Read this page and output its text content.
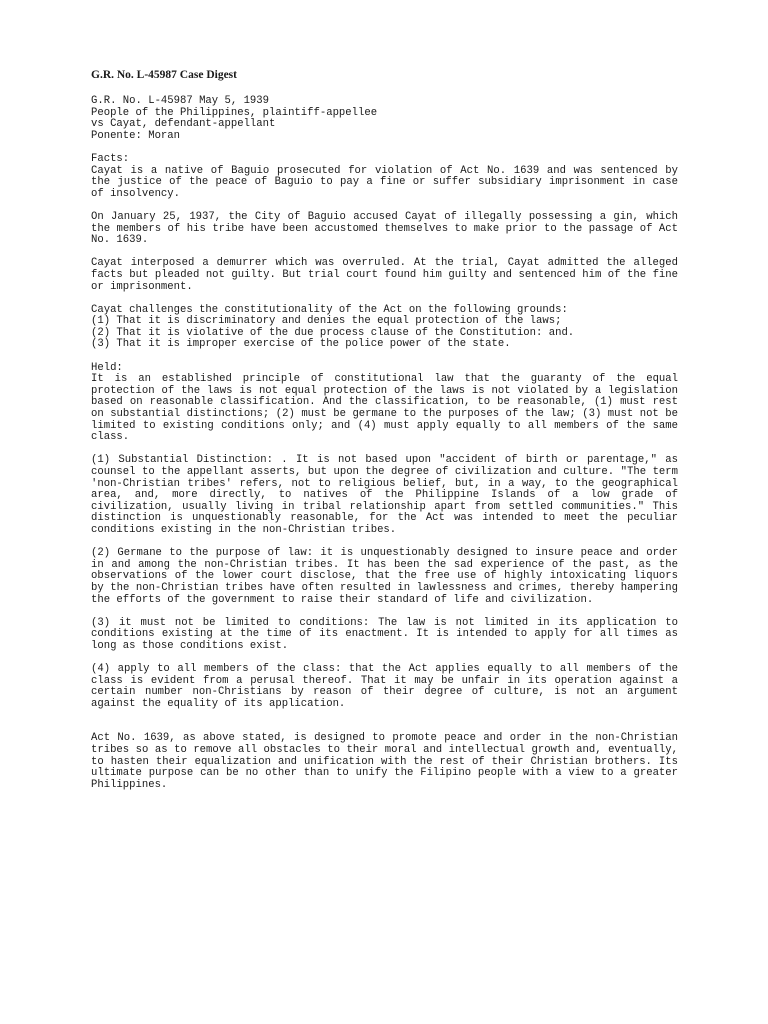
G.R. No. L-45987 Case Digest
G.R. No. L-45987 May 5, 1939
People of the Philippines, plaintiff-appellee
vs Cayat, defendant-appellant
Ponente: Moran
Facts:
Cayat is a native of Baguio prosecuted for violation of Act No. 1639 and was sentenced by the justice of the peace of Baguio to pay a fine or suffer subsidiary imprisonment in case of insolvency.
On January 25, 1937, the City of Baguio accused Cayat of illegally possessing a gin, which the members of his tribe have been accustomed themselves to make prior to the passage of Act No. 1639.
Cayat interposed a demurrer which was overruled. At the trial, Cayat admitted the alleged facts but pleaded not guilty. But trial court found him guilty and sentenced him of the fine or imprisonment.
Cayat challenges the constitutionality of the Act on the following grounds:
(1) That it is discriminatory and denies the equal protection of the laws;
(2) That it is violative of the due process clause of the Constitution: and.
(3) That it is improper exercise of the police power of the state.
Held:
It is an established principle of constitutional law that the guaranty of the equal protection of the laws is not equal protection of the laws is not violated by a legislation based on reasonable classification. And the classification, to be reasonable, (1) must rest on substantial distinctions; (2) must be germane to the purposes of the law; (3) must not be limited to existing conditions only; and (4) must apply equally to all members of the same class.
(1) Substantial Distinction: . It is not based upon "accident of birth or parentage," as counsel to the appellant asserts, but upon the degree of civilization and culture. "The term 'non-Christian tribes' refers, not to religious belief, but, in a way, to the geographical area, and, more directly, to natives of the Philippine Islands of a low grade of civilization, usually living in tribal relationship apart from settled communities." This distinction is unquestionably reasonable, for the Act was intended to meet the peculiar conditions existing in the non-Christian tribes.
(2) Germane to the purpose of law: it is unquestionably designed to insure peace and order in and among the non-Christian tribes. It has been the sad experience of the past, as the observations of the lower court disclose, that the free use of highly intoxicating liquors by the non-Christian tribes have often resulted in lawlessness and crimes, thereby hampering the efforts of the government to raise their standard of life and civilization.
(3) it must not be limited to conditions: The law is not limited in its application to conditions existing at the time of its enactment. It is intended to apply for all times as long as those conditions exist.
(4) apply to all members of the class: that the Act applies equally to all members of the class is evident from a perusal thereof. That it may be unfair in its operation against a certain number non-Christians by reason of their degree of culture, is not an argument against the equality of its application.
Act No. 1639, as above stated, is designed to promote peace and order in the non-Christian tribes so as to remove all obstacles to their moral and intellectual growth and, eventually, to hasten their equalization and unification with the rest of their Christian brothers. Its ultimate purpose can be no other than to unify the Filipino people with a view to a greater Philippines.
